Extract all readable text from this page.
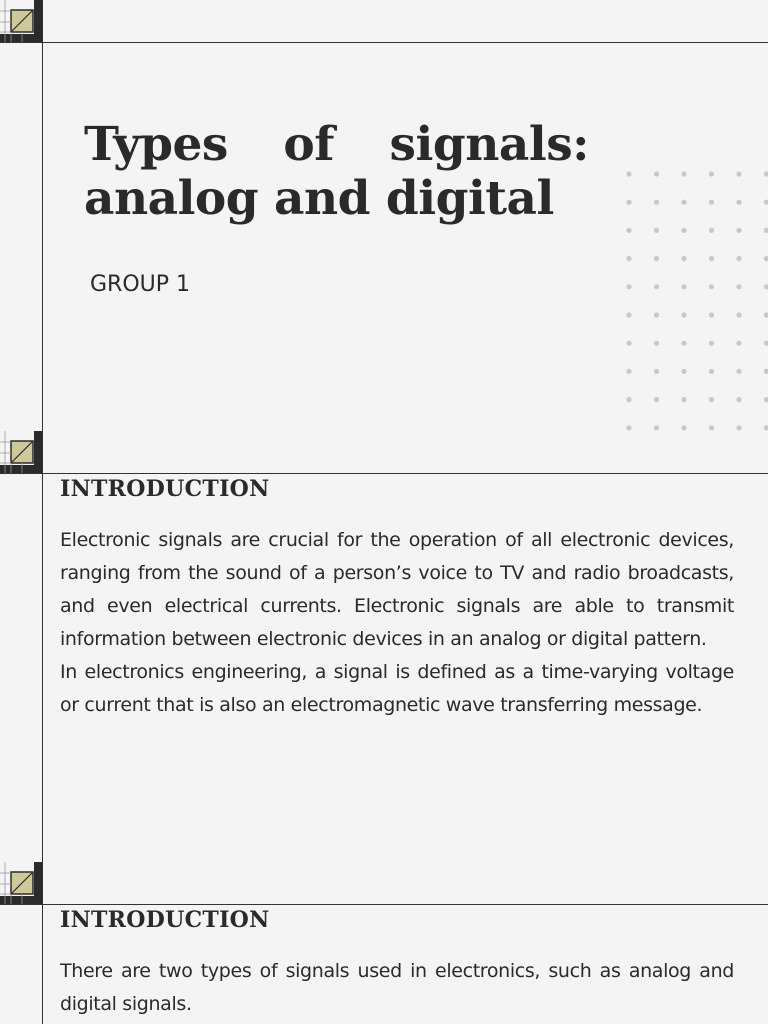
Types of signals:
analog and digital
GROUP 1
INTRODUCTION

Electronic signals are crucial for the operation of all electronic devices, ranging from the sound of a person’s voice to TV and radio broadcasts, and even electrical currents. Electronic signals are able to transmit information between electronic devices in an analog or digital pattern.

In electronics engineering, a signal is defined as a time-varying voltage or current that is also an electromagnetic wave transferring message.

INTRODUCTION

There are two types of signals used in electronics, such as analog and digital signals.
